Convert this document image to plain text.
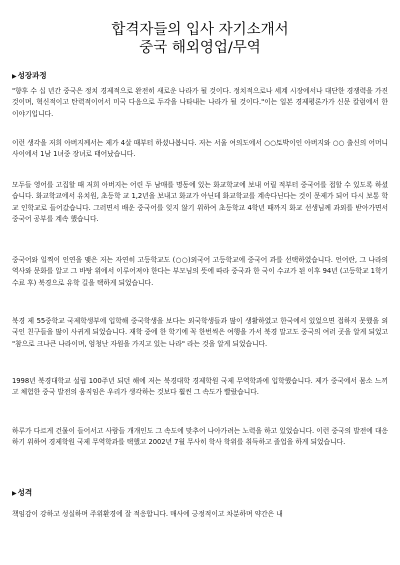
합격자들의 입사 자기소개서
중국 해외영업/무역
▶성장과정

"향후 수 십 년간 중국은 정치 경제적으로 완전히 새로운 나라가 될 것이다. 정치적으로나 세계 시장에서나 대단한 경쟁력을 가진 것이며, 혁신적이고 탄력적이어서 미국 다음으로 두각을 나타내는 나라가 될 것이다."이는 일본 경제평론가가 신문 칼럼에서 한 이야기입니다.

이런 생각을 저희 아버지께서는 제가 4살 때부터 하셨나봅니다. 저는 서울 여의도에서 ○○토박이인 아버지와 ○○ 출신의 어머니 사이에서 1남 1녀중 장녀로 태어났습니다.

모두들 영어를 고집할 때 저희 아버지는 어린 두 남매를 명동에 있는 화교학교에 보내 어릴 적부터 중국어를 접할 수 있도록 하셨습니다. 화교학교에서 유치원, 초등학 교 1,2년을 보내고 화교가 아닌데 화교학교를 계속다닌다는 것이 문제가 되어 다시 보통 학교 인학교로 들어갔습니다. 그러면서 배운 중국어를 잊지 않기 위하여 초등학교 4학년 때까지 화교 선생님께 과외를 받아가면서 중국어 공부를 계속 했습니다.

중국어와 일찍이 인연을 맺은 저는 자연히 고등학교도 (○○)외국어 고등학교에 중국어 과를 선택하였습니다. 언어란, 그 나라의 역사와 문화를 알고 그 바탕 위에서 이루어져야 한다는 부모님의 뜻에 따라 중국과 한 국이 수교가 된 이후 94년 (고등학교 1학기 수료 후) 북경으로 유학 길을 택하게 되었습니다.

북경 제 55중학교 국제학생부에 입학해 중국학생을 보다는 외국학생들과 많이 생활하였고 한국에서 있었으면 접하지 못했을 외국인 친구들을 많이 사귀게 되었습니다. 재학 중에 한 학기에 꼭 한번씩은 여행을 가서 북경 말고도 중국의 여러 곳을 알게 되었고 "참으로 크나큰 나라이며, 엄청난 자원을 가지고 있는 나라" 라는 것을 알게 되었습니다.

1998년 북경대학교 설립 100주년 되던 해에 저는 북경대학 경제학원 국제 무역학과에 입학했습니다. 제가 중국에서 몸소 느끼고 체험한 중국 발전의 움직임은 우리가 생각하는 것보다 훨씬 그 속도가 빨랐습니다.

하루가 다르게 건물이 들어서고 사람들 개개인도 그 속도에 맞추어 나아가려는 노력을 하고 있었습니다. 이런 중국의 발전에 대응하기 위하여 경제학원 국제 무역학과를 택했고 2002년 7월 무사히 학사 학위를 취득하고 졸업을 하게 되었습니다.

▶성격

책임감이 강하고 성실하며 주위환경에 잘 적응합니다. 매사에 긍정적이고 차분하며 약간은 내
